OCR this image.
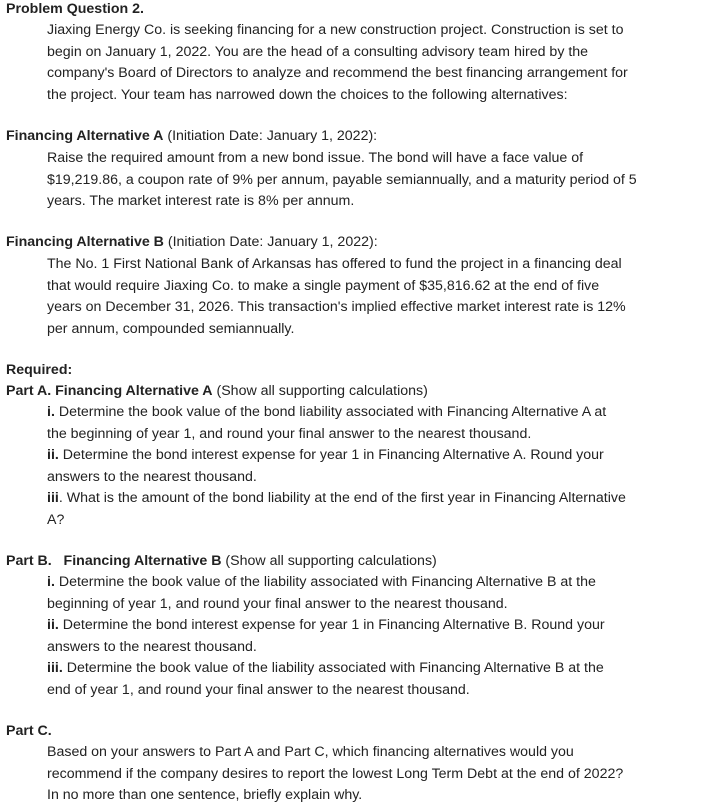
Problem Question 2.
Jiaxing Energy Co. is seeking financing for a new construction project. Construction is set to
begin on January 1, 2022. You are the head of a consulting advisory team hired by the
company's Board of Directors to analyze and recommend the best financing arrangement for
the project. Your team has narrowed down the choices to the following alternatives:
Financing Alternative A (Initiation Date: January 1, 2022):
Raise the required amount from a new bond issue. The bond will have a face value of
$19,219.86, a coupon rate of 9% per annum, payable semiannually, and a maturity period of 5
years. The market interest rate is 8% per annum.
Financing Alternative B (Initiation Date: January 1, 2022):
The No. 1 First National Bank of Arkansas has offered to fund the project in a financing deal
that would require Jiaxing Co. to make a single payment of $35,816.62 at the end of five
years on December 31, 2026. This transaction's implied effective market interest rate is 12%
per annum, compounded semiannually.
Required:
Part A. Financing Alternative A (Show all supporting calculations)
i. Determine the book value of the bond liability associated with Financing Alternative A at
the beginning of year 1, and round your final answer to the nearest thousand.
ii. Determine the bond interest expense for year 1 in Financing Alternative A. Round your
answers to the nearest thousand.
iii. What is the amount of the bond liability at the end of the first year in Financing Alternative
A?
Part B.   Financing Alternative B (Show all supporting calculations)
i. Determine the book value of the liability associated with Financing Alternative B at the
beginning of year 1, and round your final answer to the nearest thousand.
ii. Determine the bond interest expense for year 1 in Financing Alternative B. Round your
answers to the nearest thousand.
iii. Determine the book value of the liability associated with Financing Alternative B at the
end of year 1, and round your final answer to the nearest thousand.
Part C.
Based on your answers to Part A and Part C, which financing alternatives would you
recommend if the company desires to report the lowest Long Term Debt at the end of 2022?
In no more than one sentence, briefly explain why.
